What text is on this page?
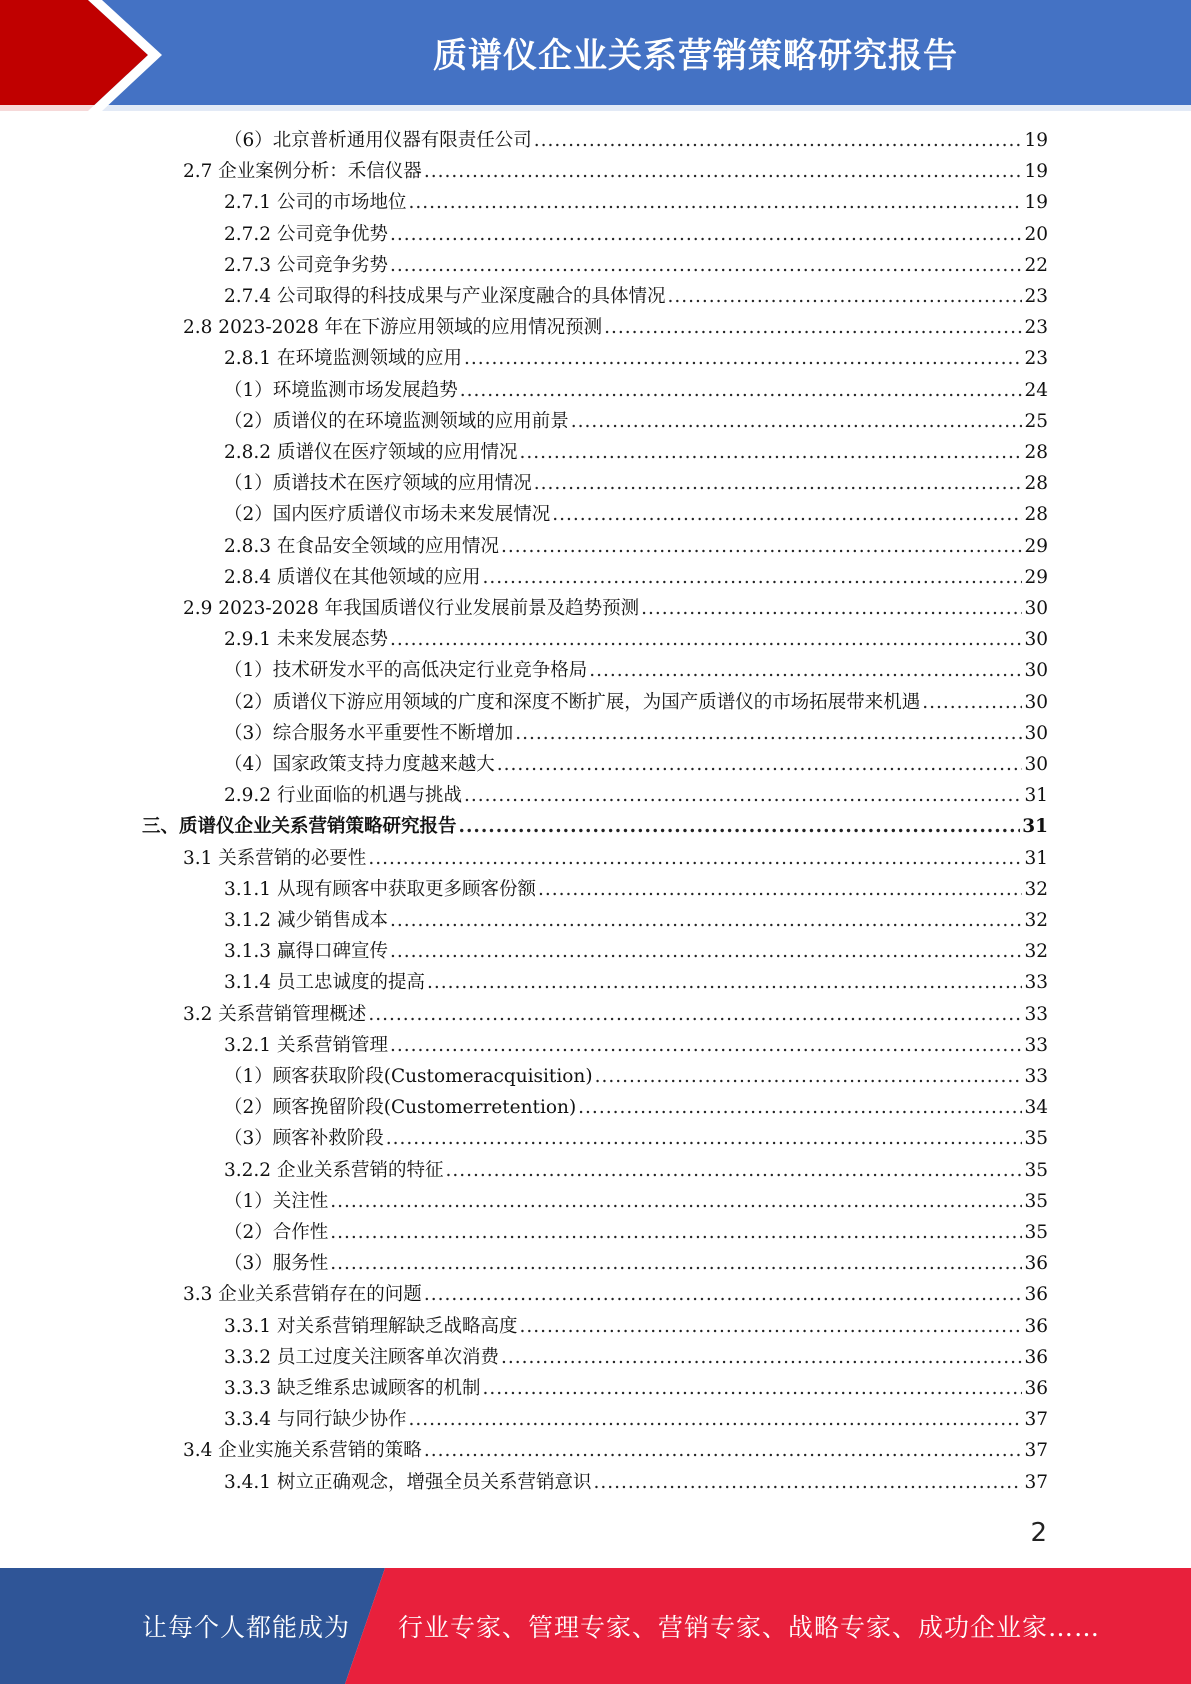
质谱仪企业关系营销策略研究报告
（6）北京普析通用仪器有限责任公司 .....	19
2.7 企业案例分析：禾信仪器 .....	19
2.7.1 公司的市场地位 .....	19
2.7.2 公司竞争优势 .....	20
2.7.3 公司竞争劣势 .....	22
2.7.4 公司取得的科技成果与产业深度融合的具体情况 .....	23
2.8 2023-2028 年在下游应用领域的应用情况预测 .....	23
2.8.1 在环境监测领域的应用 .....	23
（1）环境监测市场发展趋势 .....	24
（2）质谱仪的在环境监测领域的应用前景 .....	25
2.8.2 质谱仪在医疗领域的应用情况 .....	28
（1）质谱技术在医疗领域的应用情况 .....	28
（2）国内医疗质谱仪市场未来发展情况 .....	28
2.8.3 在食品安全领域的应用情况 .....	29
2.8.4 质谱仪在其他领域的应用 .....	29
2.9 2023-2028 年我国质谱仪行业发展前景及趋势预测 .....	30
2.9.1 未来发展态势 .....	30
（1）技术研发水平的高低决定行业竞争格局 .....	30
（2）质谱仪下游应用领域的广度和深度不断扩展，为国产质谱仪的市场拓展带来机遇 .....	30
（3）综合服务水平重要性不断增加 .....	30
（4）国家政策支持力度越来越大 .....	30
2.9.2 行业面临的机遇与挑战 .....	31
三、质谱仪企业关系营销策略研究报告 .....	31
3.1 关系营销的必要性 .....	31
3.1.1 从现有顾客中获取更多顾客份额 .....	32
3.1.2 减少销售成本 .....	32
3.1.3 赢得口碑宣传 .....	32
3.1.4 员工忠诚度的提高 .....	33
3.2 关系营销管理概述 .....	33
3.2.1 关系营销管理 .....	33
（1）顾客获取阶段(Customeracquisition) .....	33
（2）顾客挽留阶段(Customerretention) .....	34
（3）顾客补救阶段 .....	35
3.2.2 企业关系营销的特征 .....	35
（1）关注性 .....	35
（2）合作性 .....	35
（3）服务性 .....	36
3.3 企业关系营销存在的问题 .....	36
3.3.1 对关系营销理解缺乏战略高度 .....	36
3.3.2 员工过度关注顾客单次消费 .....	36
3.3.3 缺乏维系忠诚顾客的机制 .....	36
3.3.4 与同行缺少协作 .....	37
3.4 企业实施关系营销的策略 .....	37
3.4.1 树立正确观念，增强全员关系营销意识 .....	37
2
让每个人都能成为 行业专家、管理专家、营销专家、战略专家、成功企业家……
